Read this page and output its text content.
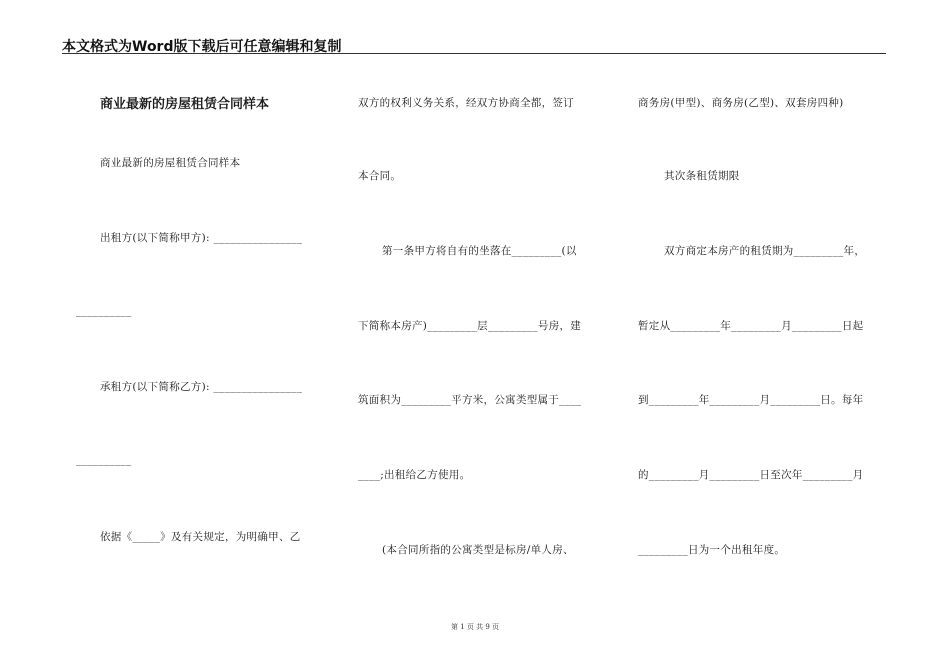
本文格式为Word版下载后可任意编辑和复制
商业最新的房屋租赁合同样本
商业最新的房屋租赁合同样本
出租方(以下简称甲方): ________________
__________
承租方(以下简称乙方): ________________
__________
依据《_____》及有关规定，为明确甲、乙
双方的权利义务关系，经双方协商全都，签订
本合同。
第一条甲方将自有的坐落在_________(以
下简称本房产)_________层_________号房，建
筑面积为_________平方米，公寓类型属于____
____;出租给乙方使用。
(本合同所指的公寓类型是标房/单人房、
商务房(甲型)、商务房(乙型)、双套房四种)
其次条租赁期限
双方商定本房产的租赁期为_________年，
暂定从_________年_________月_________日起
到_________年_________月_________日。每年
的_________月_________日至次年_________月
_________日为一个出租年度。
第 1 页 共 9 页
